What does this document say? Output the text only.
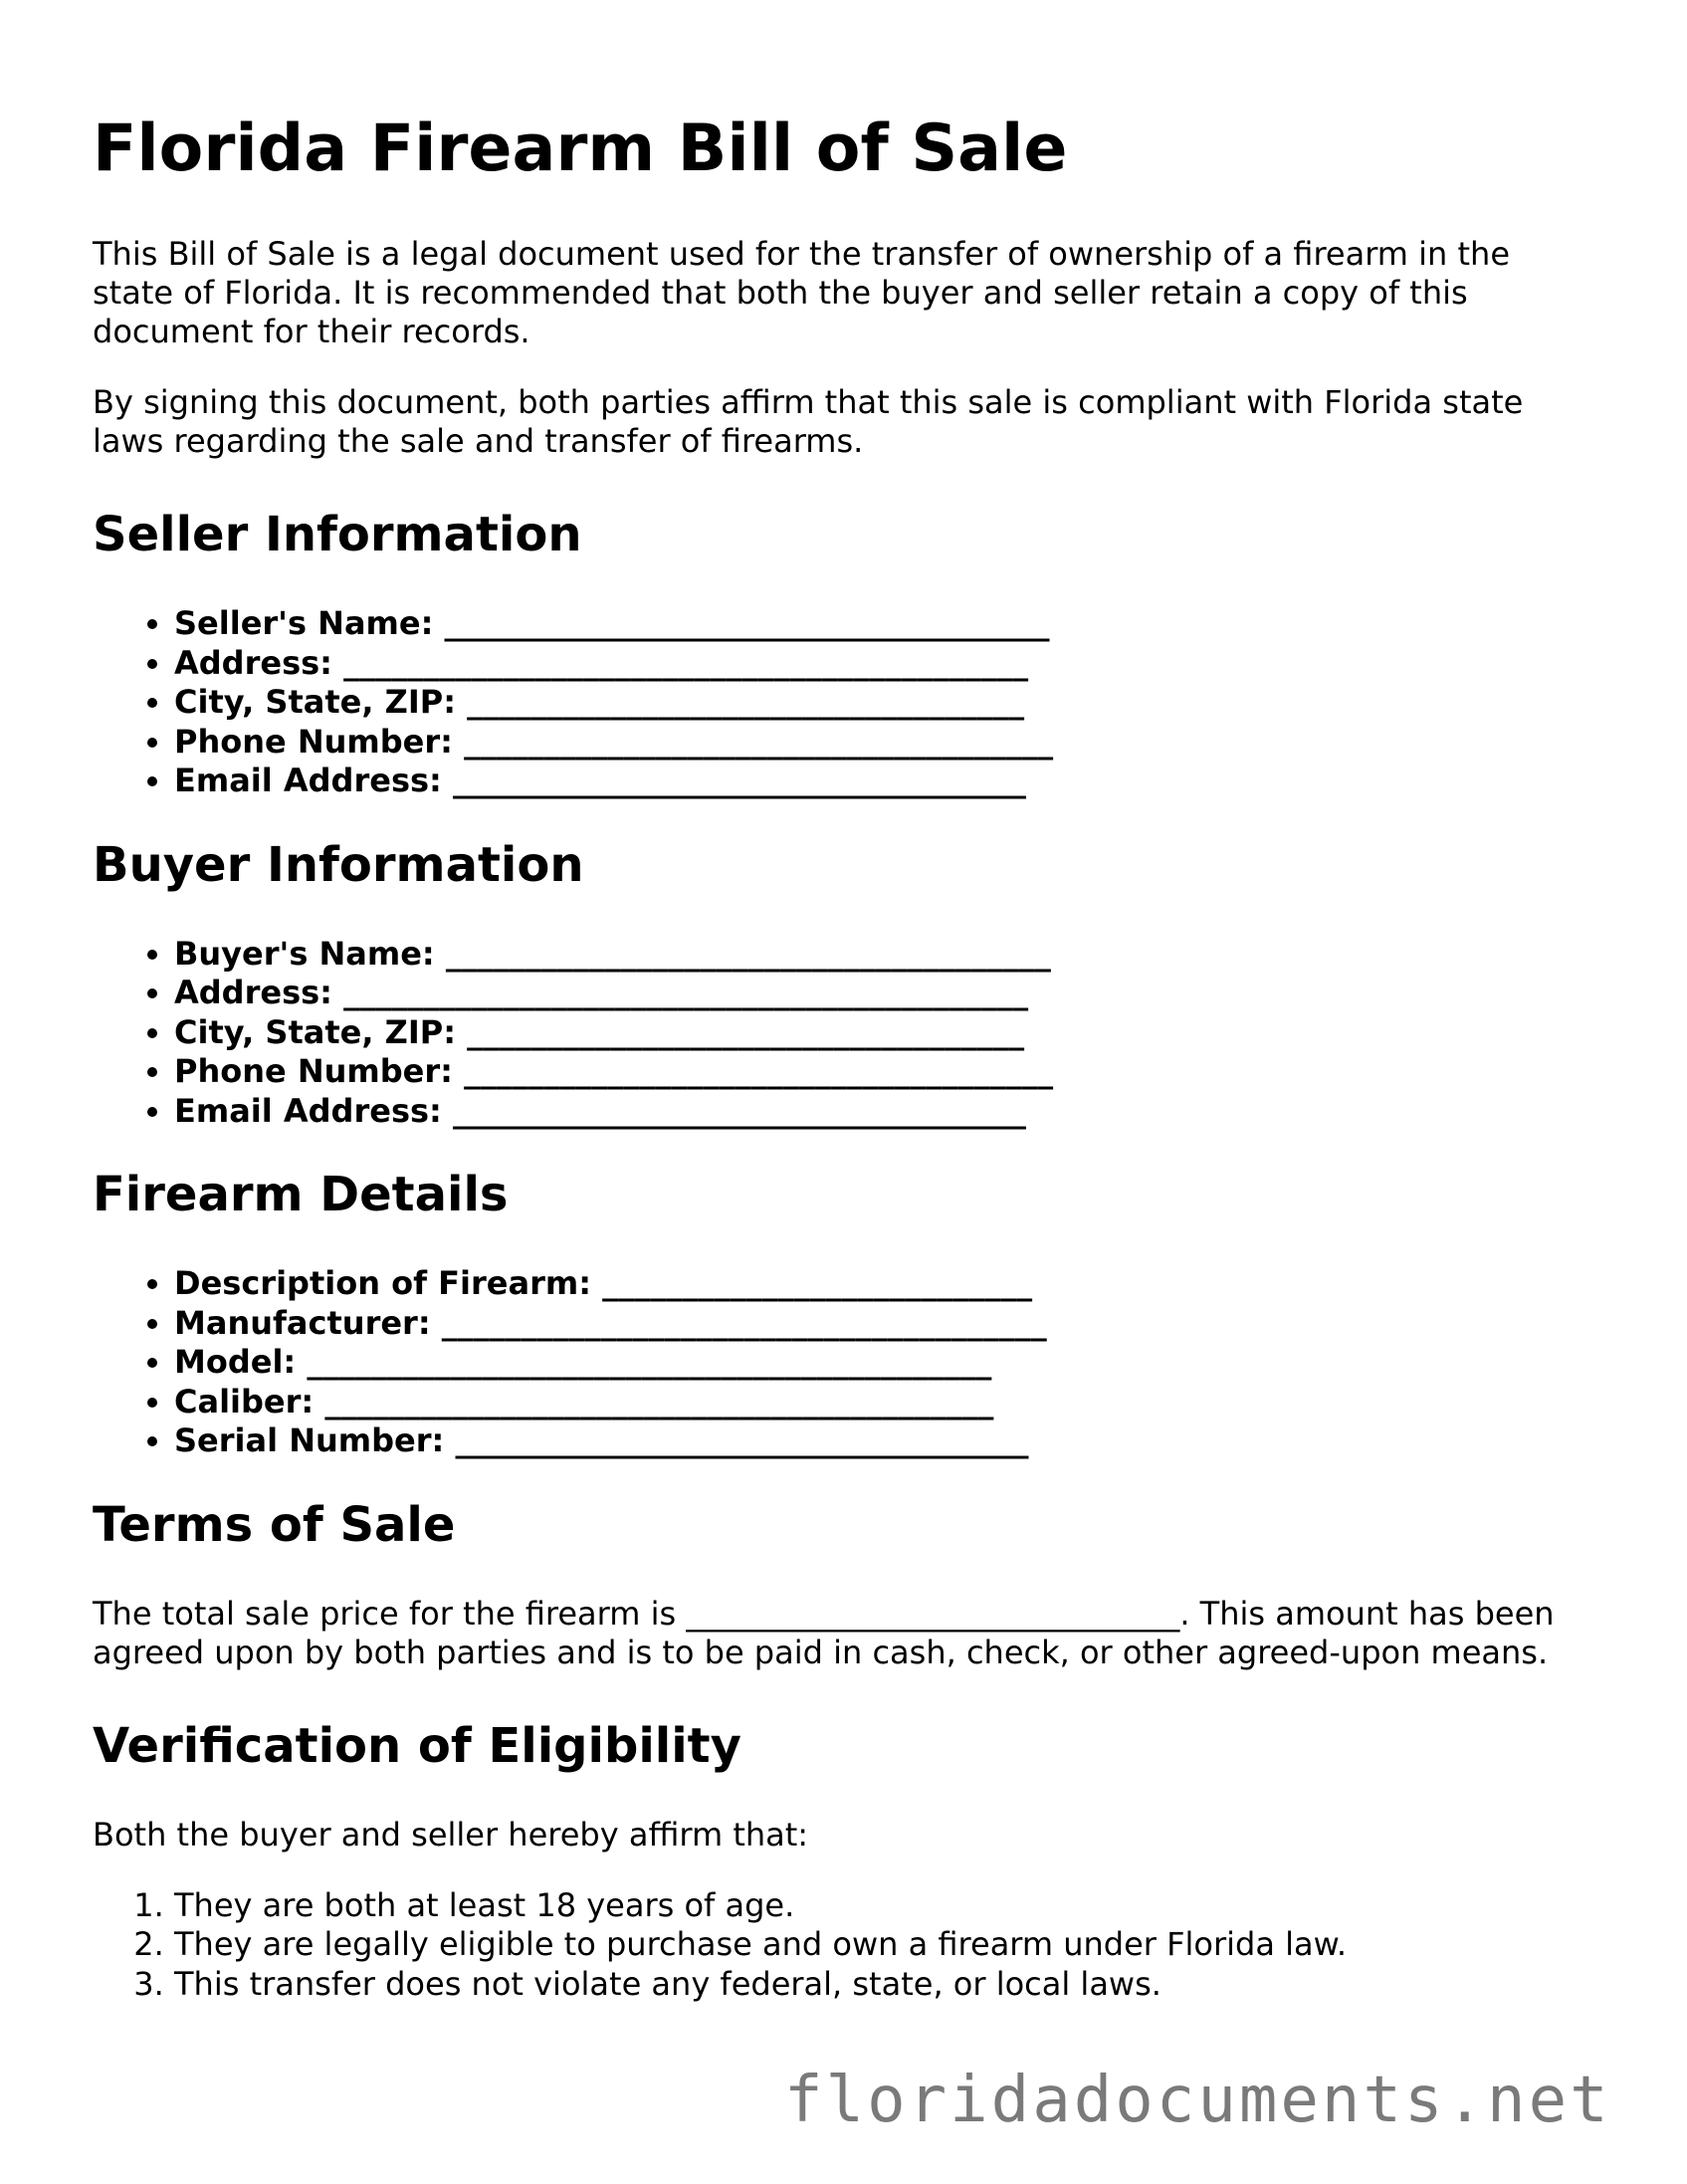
Florida Firearm Bill of Sale

This Bill of Sale is a legal document used for the transfer of ownership of a firearm in the state of Florida. It is recommended that both the buyer and seller retain a copy of this document for their records.

By signing this document, both parties affirm that this sale is compliant with Florida state laws regarding the sale and transfer of firearms.

Seller Information
• Seller's Name: ______________________________________
• Address: ___________________________________________
• City, State, ZIP: ___________________________________
• Phone Number: _____________________________________
• Email Address: ____________________________________
Buyer Information
• Buyer's Name: ______________________________________
• Address: ___________________________________________
• City, State, ZIP: ___________________________________
• Phone Number: _____________________________________
• Email Address: ____________________________________
Firearm Details
• Description of Firearm: ___________________________
• Manufacturer: ______________________________________
• Model: ___________________________________________
• Caliber: __________________________________________
• Serial Number: ____________________________________
Terms of Sale

The total sale price for the firearm is _______________________________. This amount has been agreed upon by both parties and is to be paid in cash, check, or other agreed-upon means.

Verification of Eligibility

Both the buyer and seller hereby affirm that:

1. They are both at least 18 years of age.
2. They are legally eligible to purchase and own a firearm under Florida law.
3. This transfer does not violate any federal, state, or local laws.
floridadocuments.net
